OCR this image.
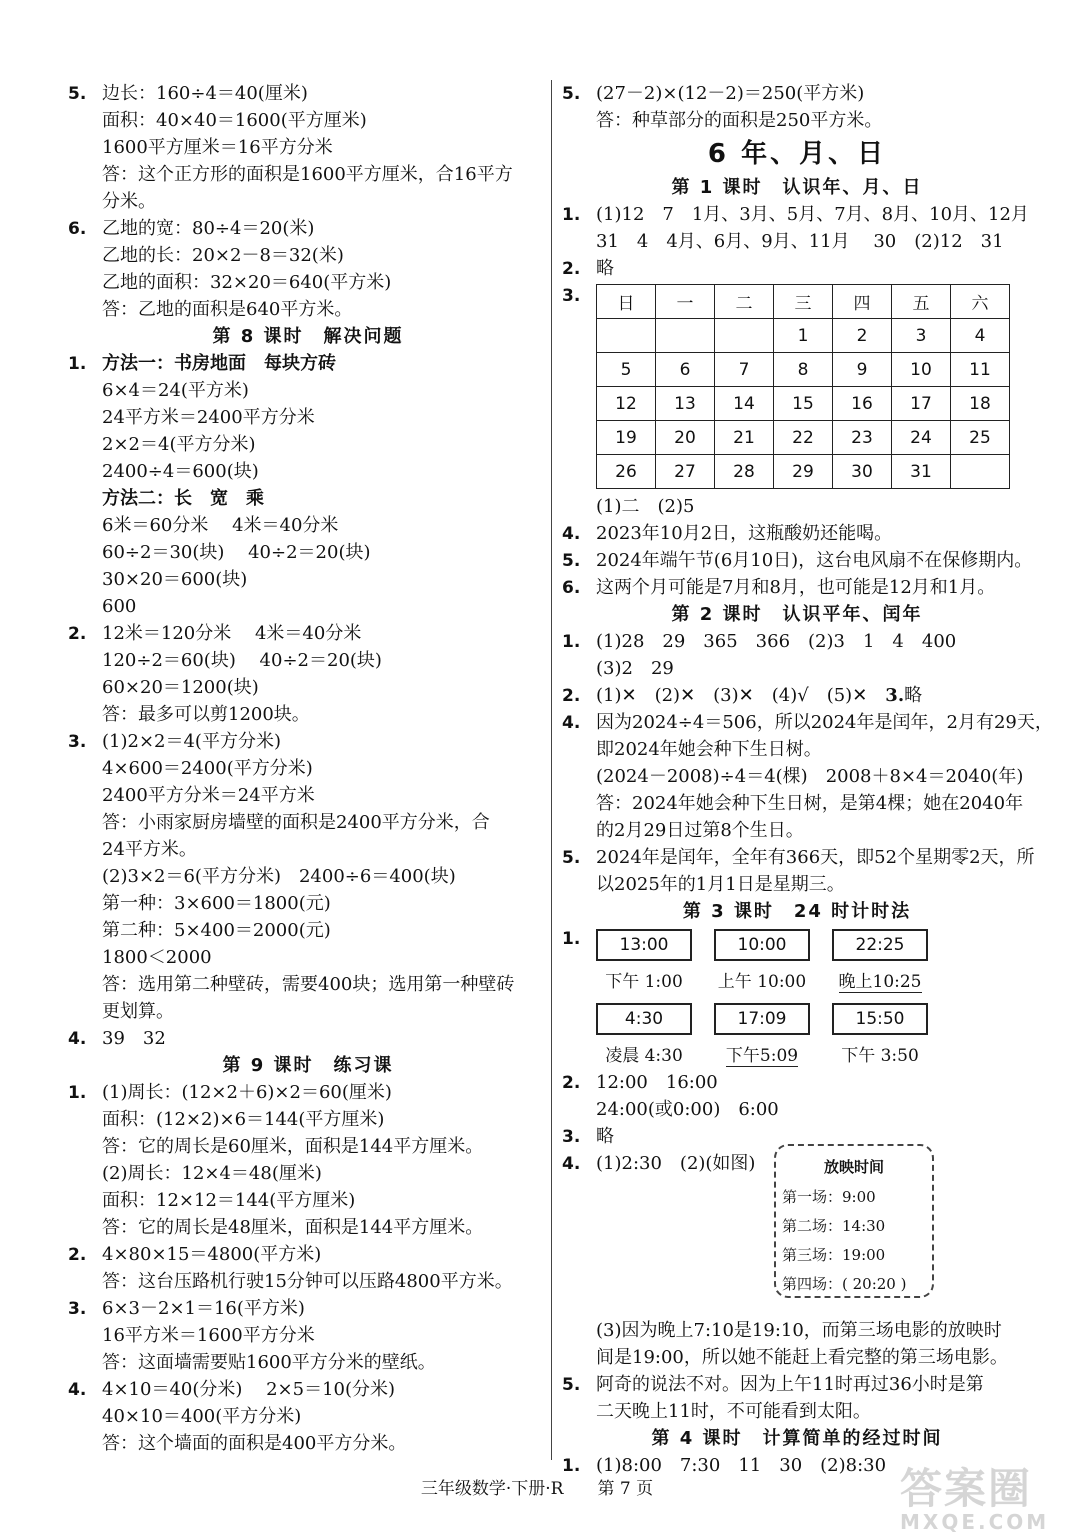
5. 边长：160÷4＝40(厘米)
面积：40×40＝1600(平方厘米)
1600平方厘米＝16平方分米
答：这个正方形的面积是1600平方厘米，合16平方
分米。
6. 乙地的宽：80÷4＝20(米)
乙地的长：20×2－8＝32(米)
乙地的面积：32×20＝640(平方米)
答：乙地的面积是640平方米。
第 8 课时　解决问题
1. 方法一：书房地面　每块方砖
6×4＝24(平方米)
24平方米＝2400平方分米
2×2＝4(平方分米)
2400÷4＝600(块)
方法二：长　宽　乘
6米＝60分米　 4米＝40分米
60÷2＝30(块)　 40÷2＝20(块)
30×20＝600(块)
600
2. 12米＝120分米　 4米＝40分米
120÷2＝60(块)　 40÷2＝20(块)
60×20＝1200(块)
答：最多可以剪1200块。
3. (1)2×2＝4(平方分米)
4×600＝2400(平方分米)
2400平方分米＝24平方米
答：小雨家厨房墙壁的面积是2400平方分米，合
24平方米。
(2)3×2＝6(平方分米)　2400÷6＝400(块)
第一种：3×600＝1800(元)
第二种：5×400＝2000(元)
1800＜2000
答：选用第二种壁砖，需要400块；选用第一种壁砖
更划算。
4. 39　32
第 9 课时　练习课
1. (1)周长：(12×2＋6)×2＝60(厘米)
面积：(12×2)×6＝144(平方厘米)
答：它的周长是60厘米，面积是144平方厘米。
(2)周长：12×4＝48(厘米)
面积：12×12＝144(平方厘米)
答：它的周长是48厘米，面积是144平方厘米。
2. 4×80×15＝4800(平方米)
答：这台压路机行驶15分钟可以压路4800平方米。
3. 6×3－2×1＝16(平方米)
16平方米＝1600平方分米
答：这面墙需要贴1600平方分米的壁纸。
4. 4×10＝40(分米)　 2×5＝10(分米)
40×10＝400(平方分米)
答：这个墙面的面积是400平方分米。
5. (27－2)×(12－2)＝250(平方米)
答：种草部分的面积是250平方米。
6 年、月、日
第 1 课时　认识年、月、日
1. (1)12　7　1月、3月、5月、7月、8月、10月、12月
31　4　4月、6月、9月、11月　 30　(2)12　31
2. 略
3.	日	一	二	三	四	五	六
			1	2	3	4
5	6	7	8	9	10	11
12	13	14	15	16	17	18
19	20	21	22	23	24	25
26	27	28	29	30	31	
(1)二　(2)5
4. 2023年10月2日，这瓶酸奶还能喝。
5. 2024年端午节(6月10日)，这台电风扇不在保修期内。
6. 这两个月可能是7月和8月，也可能是12月和1月。
第 2 课时　认识平年、闰年
1. (1)28　29　365　366　(2)3　1　4　400
(3)2　29
2. (1)✕　(2)✕　(3)✕　(4)√　(5)✕　 3.略
4. 因为2024÷4＝506，所以2024年是闰年，2月有29天，
即2024年她会种下生日树。
(2024－2008)÷4＝4(棵)　2008＋8×4＝2040(年)
答：2024年她会种下生日树，是第4棵；她在2040年
的2月29日过第8个生日。
5. 2024年是闰年，全年有366天，即52个星期零2天，所
以2025年的1月1日是星期三。
第 3 课时　24 时计时法
1.	13:00
下午 1:00
10:00
上午 10:00
22:25
晚上10:25
4:30
凌晨 4:30
17:09
下午5:09
15:50
下午 3:50
2. 12:00　16:00
24:00(或0:00)　6:00
3. 略
4. (1)2:30　(2)(如图)
(3)因为晚上7:10是19:10，而第三场电影的放映时
间是19:00，所以她不能赶上看完整的第三场电影。
5. 阿奇的说法不对。因为上午11时再过36小时是第
二天晚上11时，不可能看到太阳。
第 4 课时　计算简单的经过时间
1. (1)8:00　7:30　11　30　(2)8:30
放映时间
第一场：9:00
第二场：14:30
第三场：19:00
第四场：( 20:20 )
三年级数学·下册·R　　第 7 页	答案圈
MXQE.COM
